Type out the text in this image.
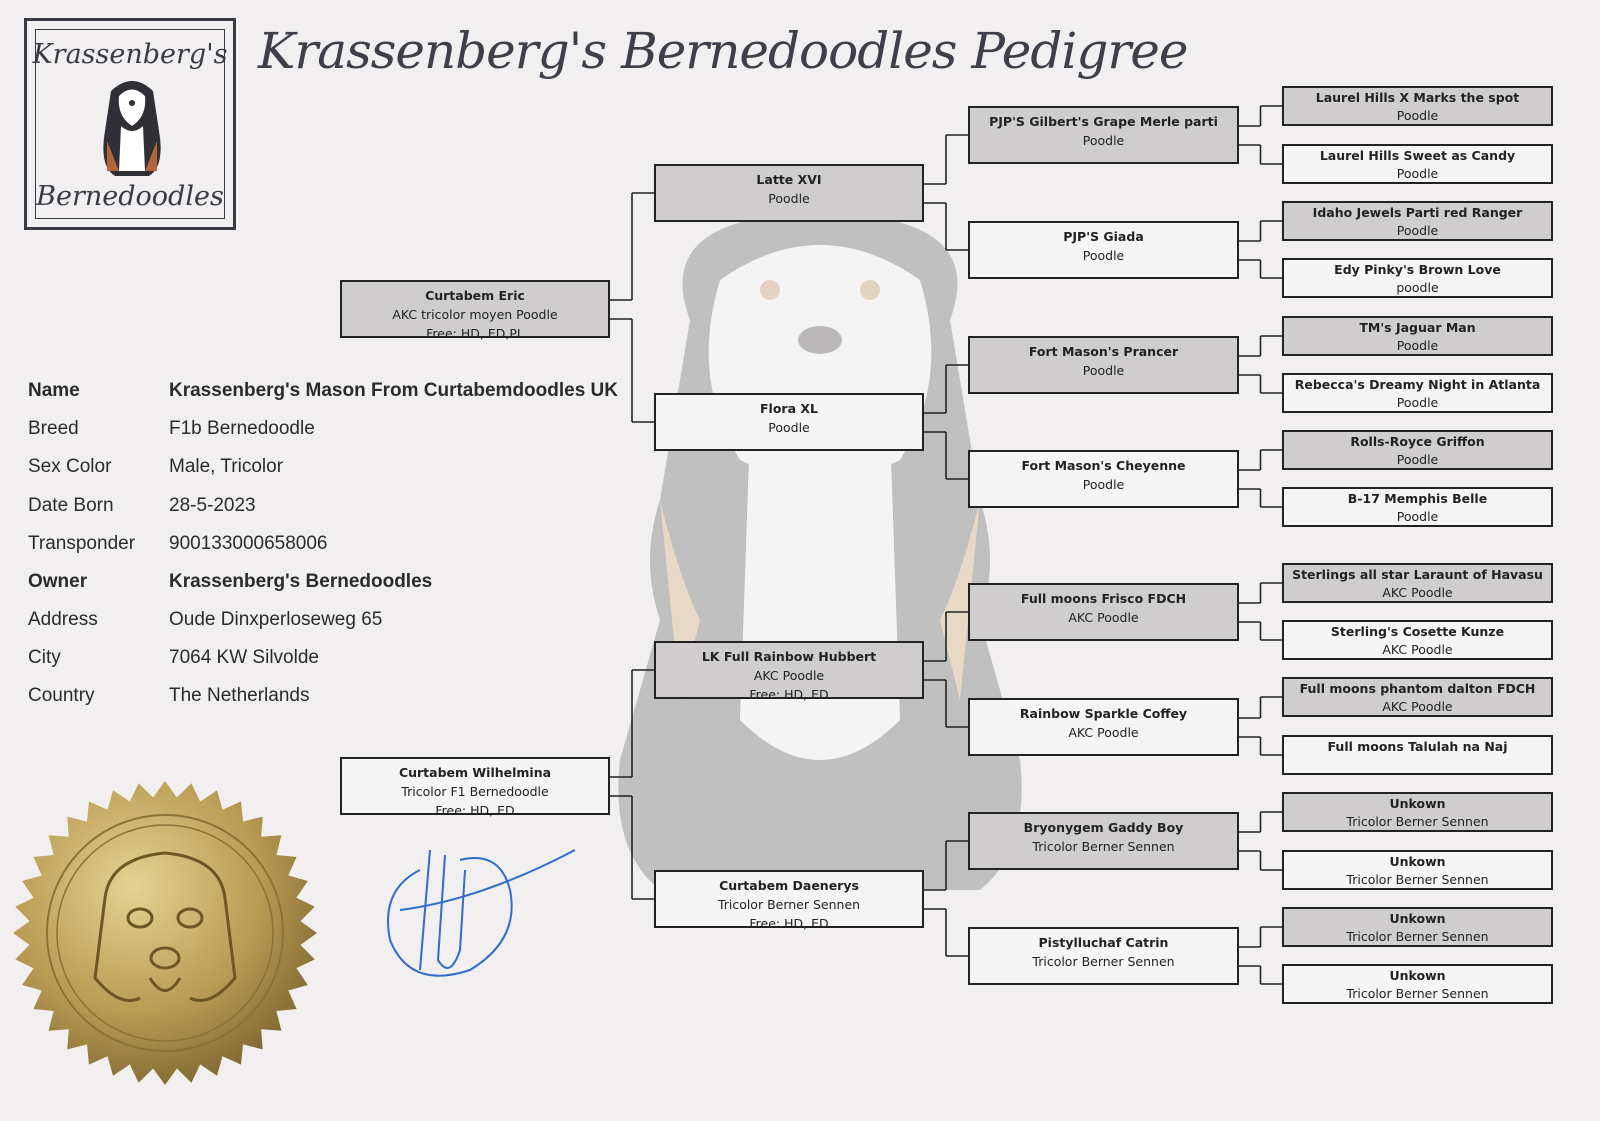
Krassenberg's
Bernedoodles
Krassenberg's Bernedoodles Pedigree
Name	Krassenberg's Mason From Curtabemdoodles UK
Breed	F1b Bernedoodle
Sex Color	Male, Tricolor
Date Born	28-5-2023
Transponder 900133000658006
Owner	Krassenberg's Bernedoodles
Address	Oude Dinxperloseweg 65
City	7064 KW Silvolde
Country	The Netherlands
Curtabem Eric
AKC tricolor moyen Poodle
Free: HD, ED,PL
Curtabem Wilhelmina
Tricolor F1 Bernedoodle
Free: HD, ED
Latte XVI
Poodle
Flora XL
Poodle
LK Full Rainbow Hubbert
AKC Poodle
Free: HD, ED
Curtabem Daenerys
Tricolor Berner Sennen
Free: HD, ED
PJP'S Gilbert's Grape Merle parti
Poodle
PJP'S Giada
Poodle
Fort Mason's Prancer
Poodle
Fort Mason's Cheyenne
Poodle
Full moons Frisco FDCH
AKC Poodle
Rainbow Sparkle Coffey
AKC Poodle
Bryonygem Gaddy Boy
Tricolor Berner Sennen
Pistylluchaf Catrin
Tricolor Berner Sennen
Laurel Hills X Marks the spot
Poodle
Laurel Hills Sweet as Candy
Poodle
Idaho Jewels Parti red Ranger
Poodle
Edy Pinky's Brown Love
poodle
TM's Jaguar Man
Poodle
Rebecca's Dreamy Night in Atlanta
Poodle
Rolls-Royce Griffon
Poodle
B-17 Memphis Belle
Poodle
Sterlings all star Laraunt of Havasu
AKC Poodle
Sterling's Cosette Kunze
AKC Poodle
Full moons phantom dalton FDCH
AKC Poodle
Full moons Talulah na Naj
Unkown
Tricolor Berner Sennen
Unkown
Tricolor Berner Sennen
Unkown
Tricolor Berner Sennen
Unkown
Tricolor Berner Sennen
